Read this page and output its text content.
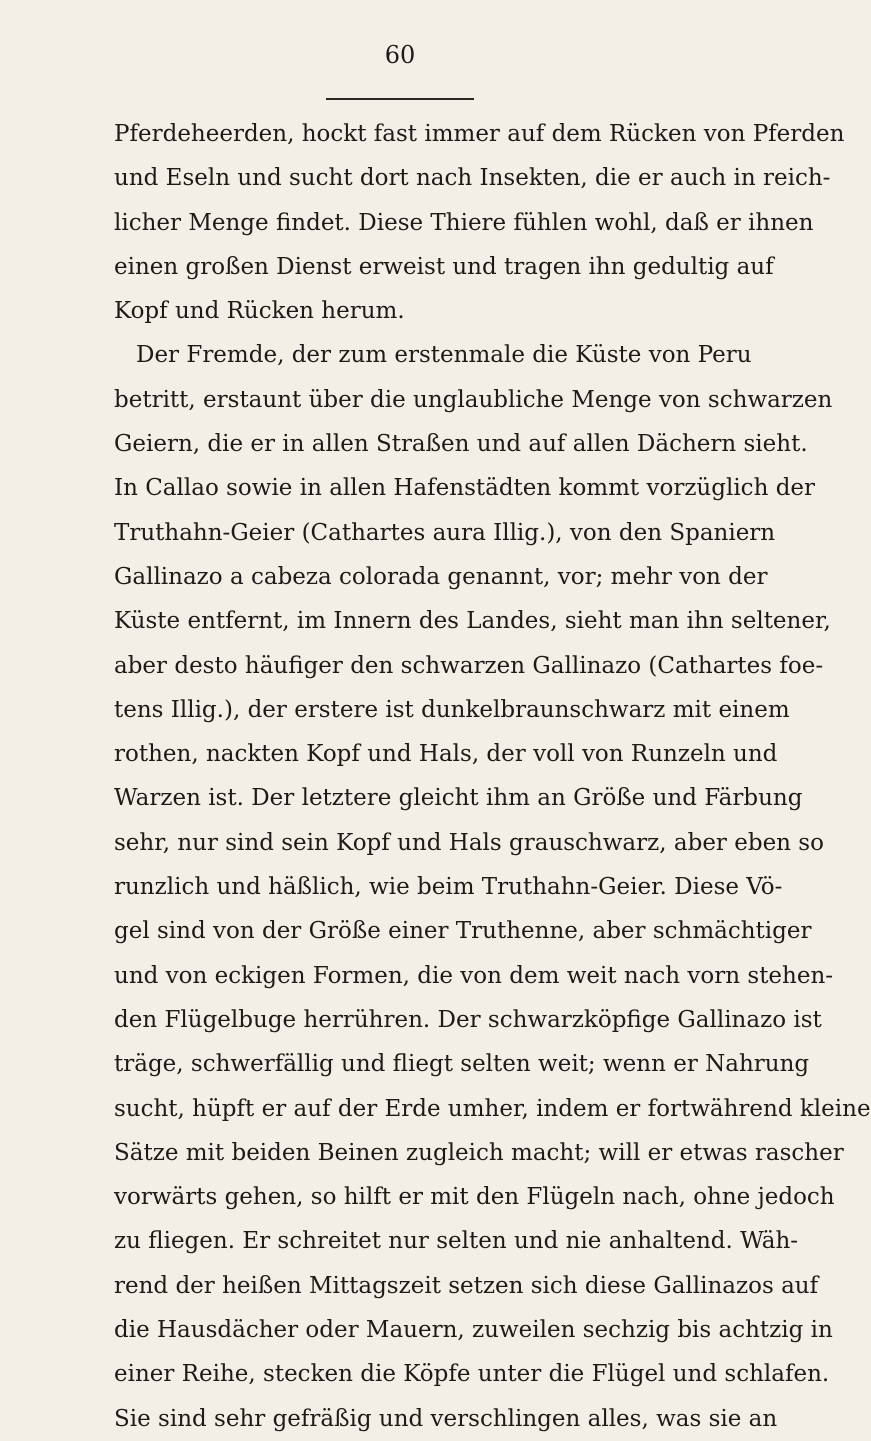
60
Pferdeheerden, hockt fast immer auf dem Rücken von Pferden
und Eseln und sucht dort nach Insekten, die er auch in reich-
licher Menge findet. Diese Thiere fühlen wohl, daß er ihnen
einen großen Dienst erweist und tragen ihn gedultig auf
Kopf und Rücken herum.
Der Fremde, der zum erstenmale die Küste von Peru
betritt, erstaunt über die unglaubliche Menge von schwarzen
Geiern, die er in allen Straßen und auf allen Dächern sieht.
In Callao sowie in allen Hafenstädten kommt vorzüglich der
Truthahn-Geier (Cathartes aura Illig.), von den Spaniern
Gallinazo a cabeza colorada genannt, vor; mehr von der
Küste entfernt, im Innern des Landes, sieht man ihn seltener,
aber desto häufiger den schwarzen Gallinazo (Cathartes foe-
tens Illig.), der erstere ist dunkelbraunschwarz mit einem
rothen, nackten Kopf und Hals, der voll von Runzeln und
Warzen ist. Der letztere gleicht ihm an Größe und Färbung
sehr, nur sind sein Kopf und Hals grauschwarz, aber eben so
runzlich und häßlich, wie beim Truthahn-Geier. Diese Vö-
gel sind von der Größe einer Truthenne, aber schmächtiger
und von eckigen Formen, die von dem weit nach vorn stehen-
den Flügelbuge herrühren. Der schwarzköpfige Gallinazo ist
träge, schwerfällig und fliegt selten weit; wenn er Nahrung
sucht, hüpft er auf der Erde umher, indem er fortwährend kleine
Sätze mit beiden Beinen zugleich macht; will er etwas rascher
vorwärts gehen, so hilft er mit den Flügeln nach, ohne jedoch
zu fliegen. Er schreitet nur selten und nie anhaltend. Wäh-
rend der heißen Mittagszeit setzen sich diese Gallinazos auf
die Hausdächer oder Mauern, zuweilen sechzig bis achtzig in
einer Reihe, stecken die Köpfe unter die Flügel und schlafen.
Sie sind sehr gefräßig und verschlingen alles, was sie an
